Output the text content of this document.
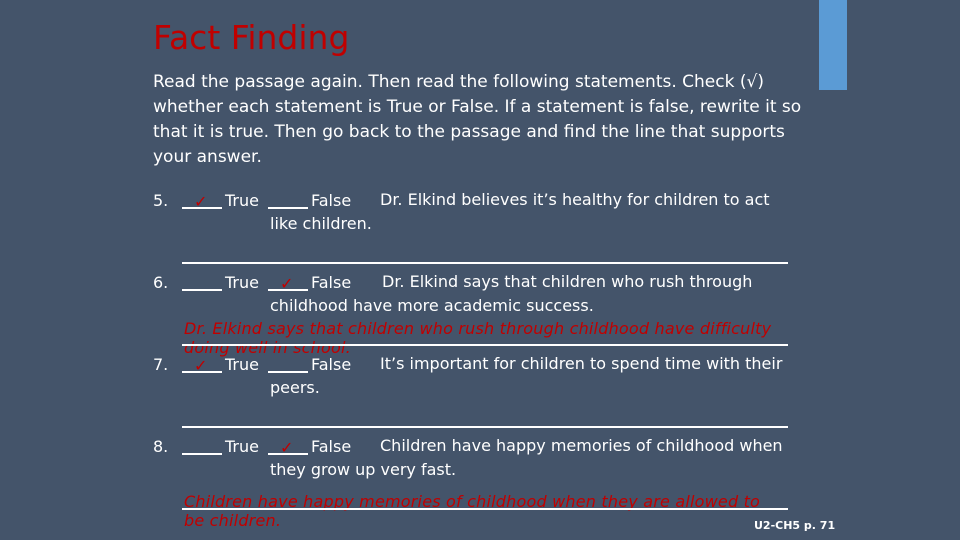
Fact Finding
Read the passage again. Then read the following statements. Check (√) whether each statement is True or False. If a statement is false, rewrite it so that it is true. Then go back to the passage and find the line that supports your answer.
5. ✓ True	False	Dr. Elkind believes it’s healthy for children to act like children.
6.	True ✓ False	Dr. Elkind says that children who rush through childhood have more academic success.
Dr. Elkind says that children who rush through childhood have difficulty doing well in school.
7. ✓ True	False	It’s important for children to spend time with their peers.
8.	True ✓ False	Children have happy memories of childhood when they grow up very fast.
Children have happy memories of childhood when they are allowed to be children.	U2-CH5 p. 71
